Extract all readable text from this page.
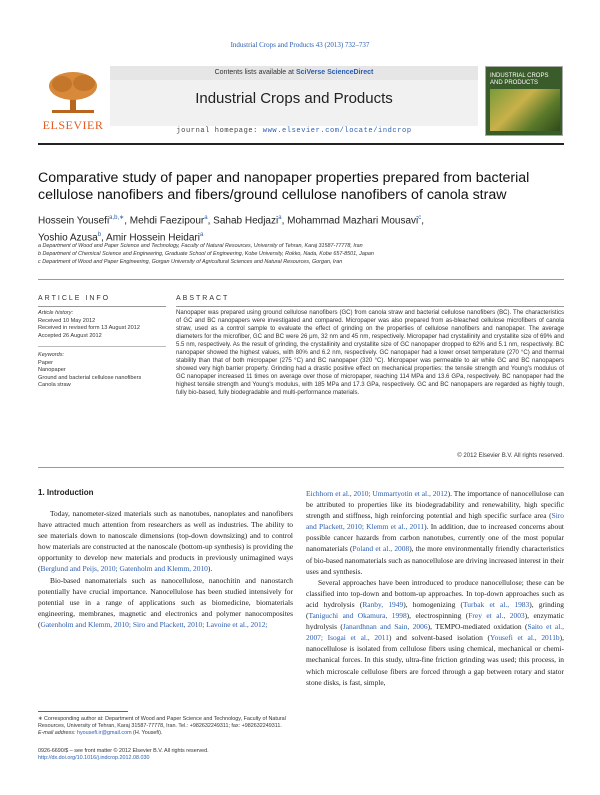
Industrial Crops and Products 43 (2013) 732–737
ELSEVIER
Contents lists available at SciVerse ScienceDirect
Industrial Crops and Products
journal homepage: www.elsevier.com/locate/indcrop
INDUSTRIAL CROPS AND PRODUCTS
Comparative study of paper and nanopaper properties prepared from bacterial cellulose nanofibers and fibers/ground cellulose nanofibers of canola straw
Hossein Yousefi$^{a,b,∗}$, Mehdi Faezipour$^a$, Sahab Hedjazi$^a$, Mohammad Mazhari Mousavi$^c$,
Yoshio Azusa$^b$, Amir Hossein Heidari$^a$
a Department of Wood and Paper Science and Technology, Faculty of Natural Resources, University of Tehran, Karaj 31587-77778, Iran
b Department of Chemical Science and Engineering, Graduate School of Engineering, Kobe University, Rokko, Nada, Kobe 657-8501, Japan
c Department of Wood and Paper Engineering, Gorgan University of Agricultural Sciences and Natural Resources, Gorgan, Iran
ARTICLE INFO	ABSTRACT
Article history:
Received 10 May 2012
Received in revised form 13 August 2012
Accepted 26 August 2012
Keywords:
Paper
Nanopaper
Ground and bacterial cellulose nanofibers
Canola straw
Nanopaper was prepared using ground cellulose nanofibers (GC) from canola straw and bacterial cellulose nanofibers (BC). The characteristics of GC and BC nanopapers were investigated and compared. Micropaper was also prepared from as-bleached cellulose microfibers of canola straw, used as a control sample to evaluate the effect of grinding on the properties of cellulose nanofibers and nanopaper. The average diameters for the microfiber, GC and BC were 26 μm, 32 nm and 45 nm, respectively. Micropaper had crystallinity and crystallite size of 69% and 5.5 nm, respectively. As the result of grinding, the crystallinity and crystallite size of GC nanopaper dropped to 62% and 5.1 nm, respectively. BC nanopaper showed the highest values, with 80% and 6.2 nm, respectively. GC nanopaper had a lower onset temperature (270 °C) and thermal stability than that of both micropaper (275 °C) and BC nanopaper (320 °C). Micropaper was permeable to air while GC and BC nanopapers showed very high barrier property. Grinding had a drastic positive effect on mechanical properties: the tensile strength and Young's modulus of GC nanopaper increased 11 times on average over those of micropaper, reaching 114 MPa and 13.6 GPa, respectively. BC nanopaper had the highest tensile strength and Young's modulus, with 185 MPa and 17.3 GPa, respectively. GC and BC nanopapers are regarded as highly tough, fully bio-based, fully biodegradable and multi-performance materials.
© 2012 Elsevier B.V. All rights reserved.
1. Introduction

Today, nanometer-sized materials such as nanotubes, nanoplates and nanofibers have attracted much attention from researchers as well as industries. The ability to see materials down to nanoscale dimensions (top-down downsizing) and to control how materials are constructed at the nanoscale (bottom-up synthesis) is providing the opportunity to develop new materials and products in previously unimagined ways (Berglund and Peijs, 2010; Gatenholm and Klemm, 2010).

Bio-based nanomaterials such as nanocellulose, nanochitin and nanostarch potentially have crucial importance. Nanocellulose has been studied intensively for potential use in a range of applications such as biomedicine, biomaterials engineering, membranes, magnetic and electronics and polymer nanocomposites (Gatenholm and Klemm, 2010; Siro and Plackett, 2010; Lavoine et al., 2012;

Eichhorn et al., 2010; Ummartyotin et al., 2012). The importance of nanocellulose can be attributed to properties like its biodegradability and renewability, high specific strength and stiffness, high reinforcing potential and high specific surface area (Siro and Plackett, 2010; Klemm et al., 2011). In addition, due to increased concerns about possible cancer hazards from carbon nanotubes, currently one of the most popular nanomaterials (Poland et al., 2008), the more environmentally friendly characteristics of bio-based nanomaterials such as nanocellulose are driving increased interest in their uses and synthesis.

Several approaches have been introduced to produce nanocellulose; these can be classified into top-down and bottom-up approaches. In top-down approaches such as acid hydrolysis (Ranby, 1949), homogenizing (Turbak et al., 1983), grinding (Taniguchi and Okamura, 1998), electrospinning (Frey et al., 2003), enzymatic hydrolysis (Janardhnan and Sain, 2006), TEMPO-mediated oxidation (Saito et al., 2007; Isogai et al., 2011) and solvent-based isolation (Yousefi et al., 2011b), nanocellulose is isolated from cellulose fibers using chemical, mechanical or chemi-mechanical forces. In this study, ultra-fine friction grinding was used; this process, in which microscale cellulose fibers are forced through a gap between rotary and stator stone disks, is fast, simple,

∗ Corresponding author at: Department of Wood and Paper Science and Technology, Faculty of Natural Resources, University of Tehran, Karaj 31587-77778, Iran. Tel.: +982632249311; fax: +982632249311.
E-mail address: hyousefi.ir@gmail.com (H. Yousefi).
0926-6690/$ – see front matter © 2012 Elsevier B.V. All rights reserved.
http://dx.doi.org/10.1016/j.indcrop.2012.08.030
